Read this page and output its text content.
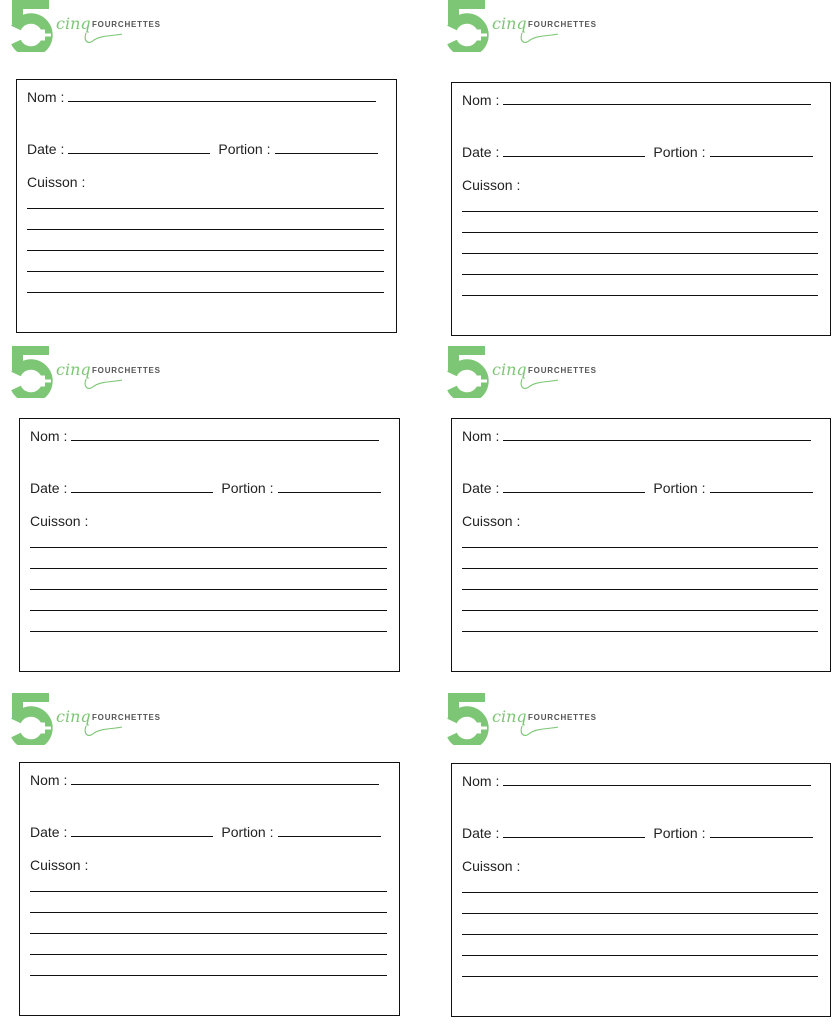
cinq FOURCHETTES	cinq FOURCHETTES
cinq FOURCHETTES	cinq FOURCHETTES
cinq FOURCHETTES	cinq FOURCHETTES
Nom :
Date :	Portion :
Cuisson :
Nom :
Date :	Portion :
Cuisson :
Nom :
Date :	Portion :
Cuisson :
Nom :
Date :	Portion :
Cuisson :
Nom :
Date :	Portion :
Cuisson :
Nom :
Date :	Portion :
Cuisson :
